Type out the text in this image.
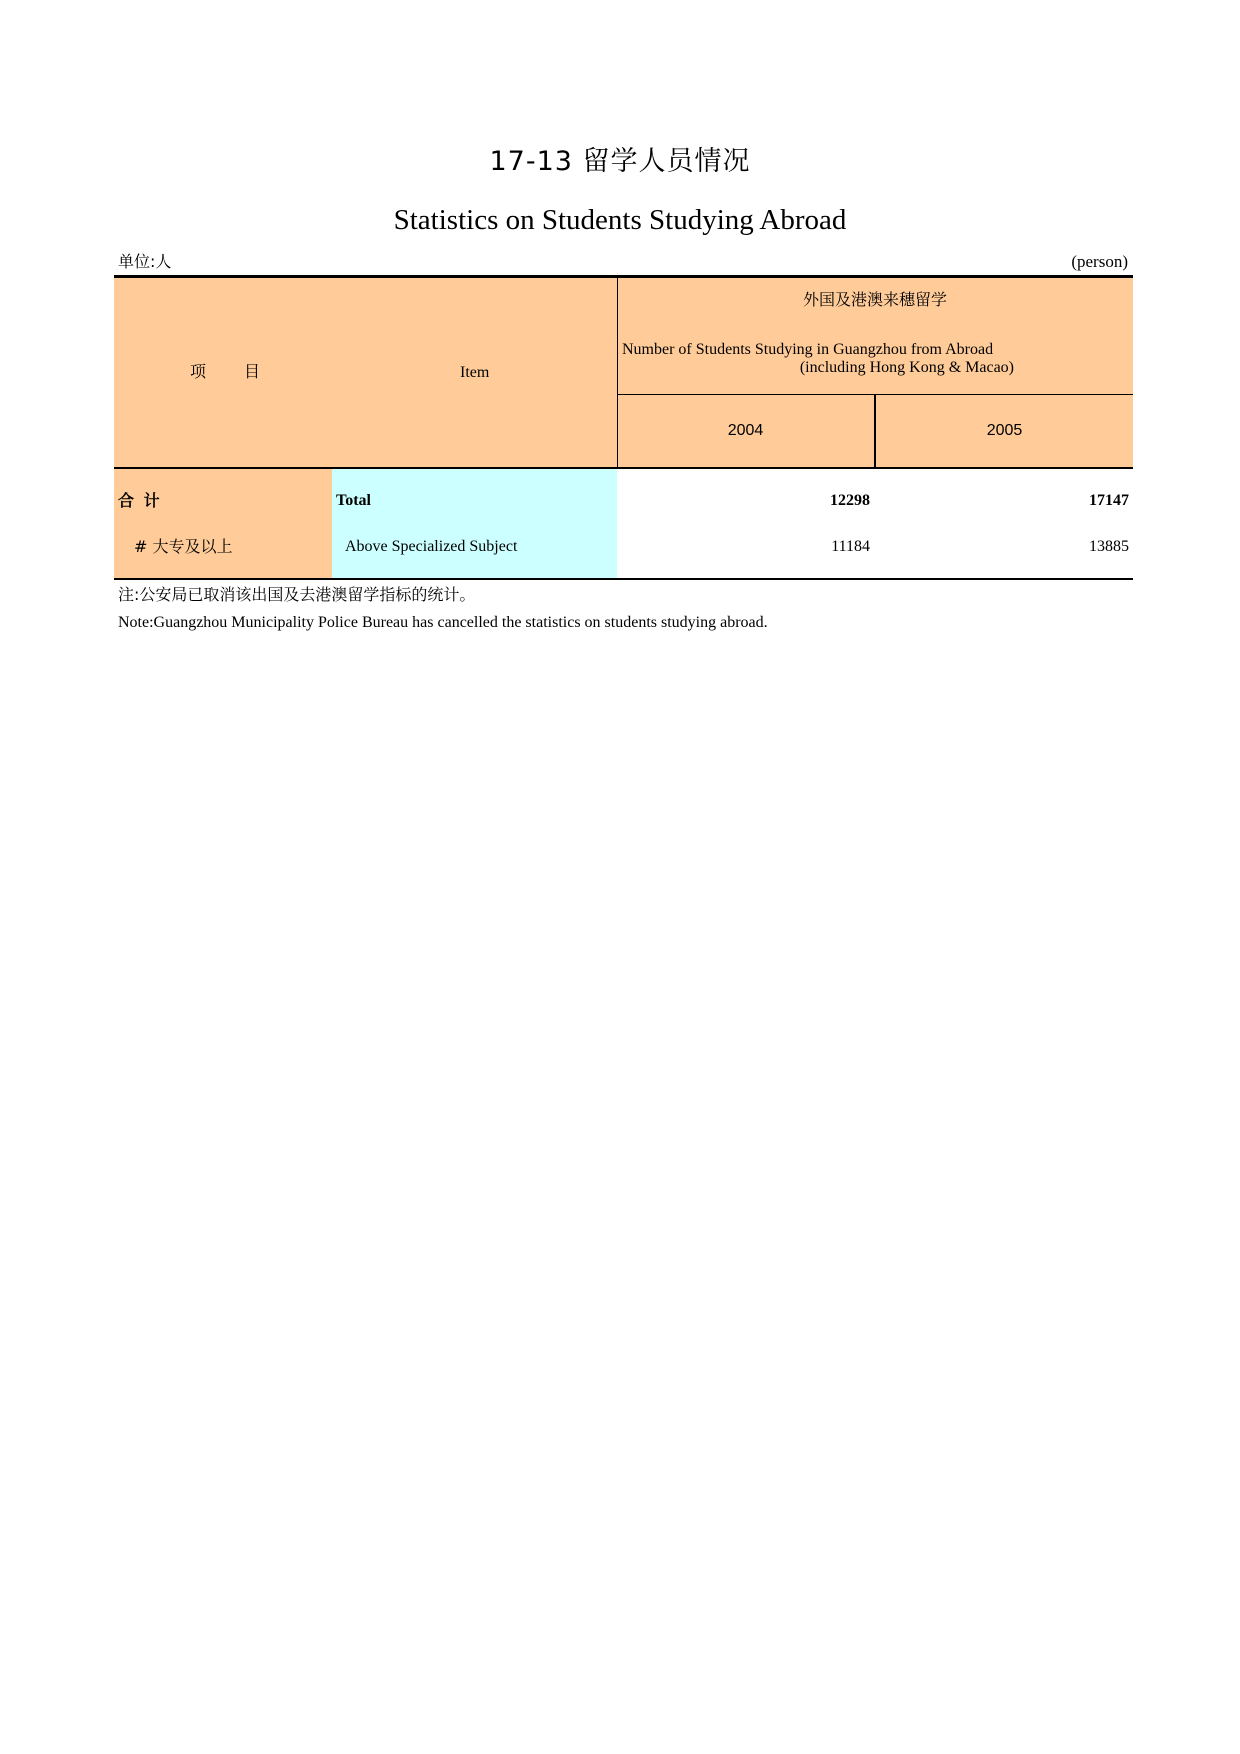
17-13 留学人员情况
Statistics on Students Studying Abroad
单位:人	(person)
项　　目	Item
外国及港澳来穗留学
Number of Students Studying in Guangzhou from Abroad
(including Hong Kong & Macao)
2004	2005
合 计	Total	12298	17147
# 大专及以上	Above Specialized Subject	11184	13885
注:公安局已取消该出国及去港澳留学指标的统计。
Note:Guangzhou Municipality Police Bureau has cancelled the statistics on students studying abroad.
